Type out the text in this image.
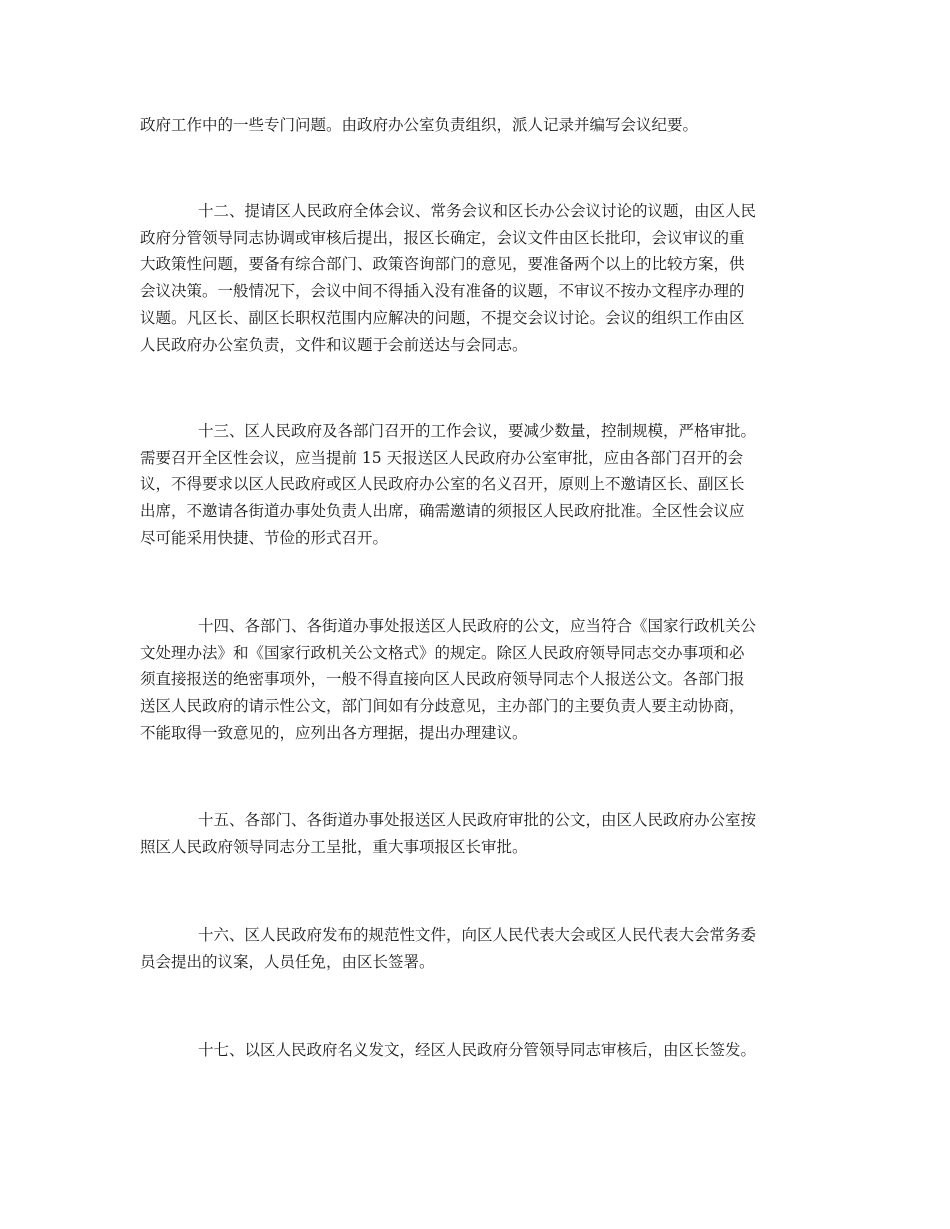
政府工作中的一些专门问题。由政府办公室负责组织，派人记录并编写会议纪要。

十二、提请区人民政府全体会议、常务会议和区长办公会议讨论的议题，由区人民
政府分管领导同志协调或审核后提出，报区长确定，会议文件由区长批印，会议审议的重
大政策性问题，要备有综合部门、政策咨询部门的意见，要准备两个以上的比较方案，供
会议决策。一般情况下，会议中间不得插入没有准备的议题，不审议不按办文程序办理的
议题。凡区长、副区长职权范围内应解决的问题，不提交会议讨论。会议的组织工作由区
人民政府办公室负责，文件和议题于会前送达与会同志。

十三、区人民政府及各部门召开的工作会议，要减少数量，控制规模，严格审批。
需要召开全区性会议，应当提前 15 天报送区人民政府办公室审批，应由各部门召开的会
议，不得要求以区人民政府或区人民政府办公室的名义召开，原则上不邀请区长、副区长
出席，不邀请各街道办事处负责人出席，确需邀请的须报区人民政府批准。全区性会议应
尽可能采用快捷、节俭的形式召开。

十四、各部门、各街道办事处报送区人民政府的公文，应当符合《国家行政机关公
文处理办法》和《国家行政机关公文格式》的规定。除区人民政府领导同志交办事项和必
须直接报送的绝密事项外，一般不得直接向区人民政府领导同志个人报送公文。各部门报
送区人民政府的请示性公文，部门间如有分歧意见，主办部门的主要负责人要主动协商，
不能取得一致意见的，应列出各方理据，提出办理建议。

十五、各部门、各街道办事处报送区人民政府审批的公文，由区人民政府办公室按
照区人民政府领导同志分工呈批，重大事项报区长审批。

十六、区人民政府发布的规范性文件，向区人民代表大会或区人民代表大会常务委
员会提出的议案，人员任免，由区长签署。

十七、以区人民政府名义发文，经区人民政府分管领导同志审核后，由区长签发。
